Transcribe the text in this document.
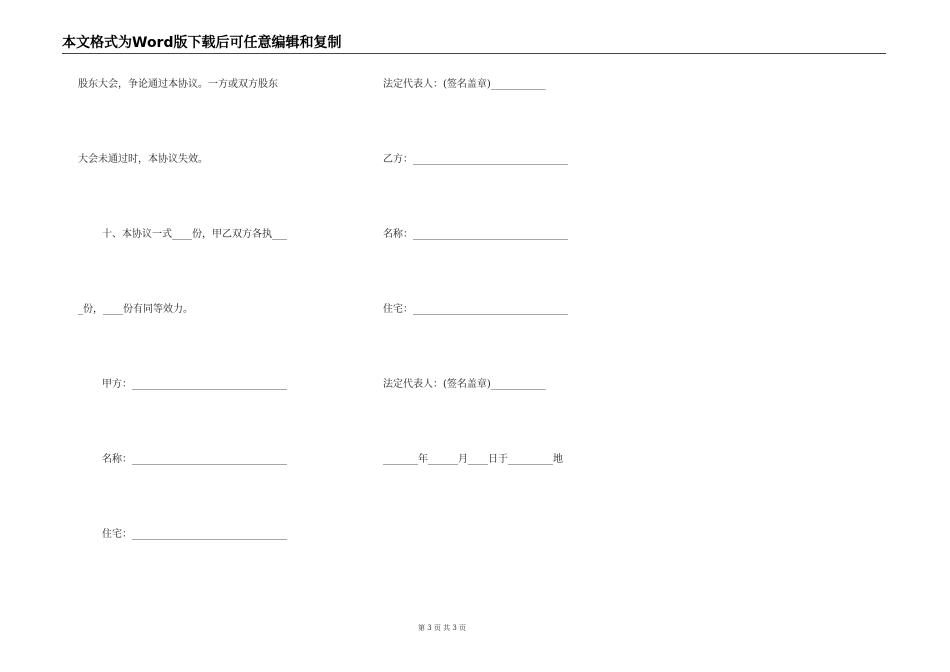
本文格式为Word版下载后可任意编辑和复制
股东大会，争论通过本协议。一方或双方股东
大会未通过时，本协议失效。
十、本协议一式____份，甲乙双方各执___
_份，____份有同等效力。
甲方：_______________________________
名称：_______________________________
住宅：_______________________________
法定代表人：(签名盖章)___________
乙方：_______________________________
名称：_______________________________
住宅：_______________________________
法定代表人：(签名盖章)___________
_______年______月____日于_________地
第 3 页 共 3 页
